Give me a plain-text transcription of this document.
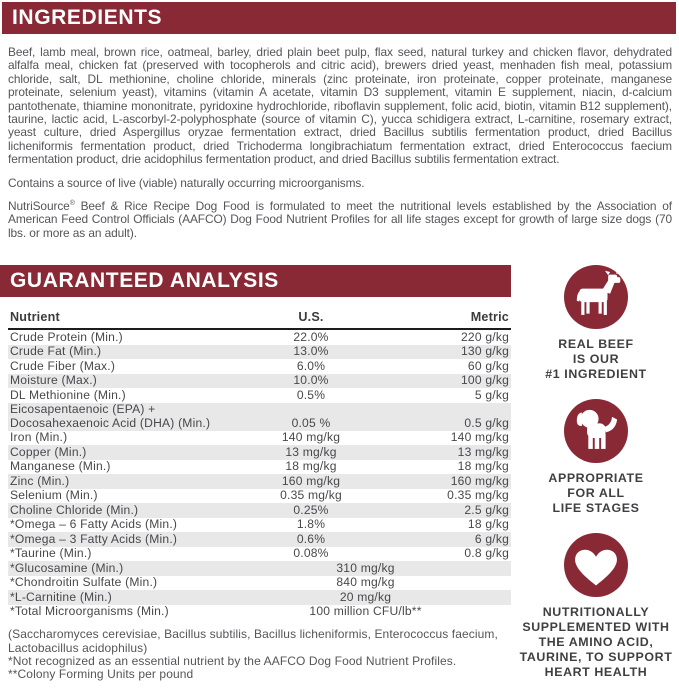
INGREDIENTS

Beef, lamb meal, brown rice, oatmeal, barley, dried plain beet pulp, flax seed, natural turkey and chicken flavor, dehydrated alfalfa meal, chicken fat (preserved with tocopherols and citric acid), brewers dried yeast, menhaden fish meal, potassium chloride, salt, DL methionine, choline chloride, minerals (zinc proteinate, iron proteinate, copper proteinate, manganese proteinate, selenium yeast), vitamins (vitamin A acetate, vitamin D3 supplement, vitamin E supplement, niacin, d-calcium pantothenate, thiamine mononitrate, pyridoxine hydrochloride, riboflavin supplement, folic acid, biotin, vitamin B12 supplement), taurine, lactic acid, L-ascorbyl-2-polyphosphate (source of vitamin C), yucca schidigera extract, L-carnitine, rosemary extract, yeast culture, dried Aspergillus oryzae fermentation extract, dried Bacillus subtilis fermentation product, dried Bacillus licheniformis fermentation product, dried Trichoderma longibrachiatum fermentation extract, dried Enterococcus faecium fermentation product, drie acidophilus fermentation product, and dried Bacillus subtilis fermentation extract.

Contains a source of live (viable) naturally occurring microorganisms.

NutriSource® Beef & Rice Recipe Dog Food is formulated to meet the nutritional levels established by the Association of American Feed Control Officials (AAFCO) Dog Food Nutrient Profiles for all life stages except for growth of large size dogs (70 lbs. or more as an adult).

GUARANTEED ANALYSIS
Nutrient	U.S.	Metric
Crude Protein (Min.)	22.0%	220 g/kg
Crude Fat (Min.)	13.0%	130 g/kg
Crude Fiber (Max.)	6.0%	60 g/kg
Moisture (Max.)	10.0%	100 g/kg
DL Methionine (Min.)	0.5%	5 g/kg
Eicosapentaenoic (EPA) + Docosahexaenoic Acid (DHA) (Min.)	0.05 %	0.5 g/kg
Iron (Min.)	140 mg/kg	140 mg/kg
Copper (Min.)	13 mg/kg	13 mg/kg
Manganese (Min.)	18 mg/kg	18 mg/kg
Zinc (Min.)	160 mg/kg	160 mg/kg
Selenium (Min.)	0.35 mg/kg	0.35 mg/kg
Choline Chloride (Min.)	0.25%	2.5 g/kg
*Omega – 6 Fatty Acids (Min.)	1.8%	18 g/kg
*Omega – 3 Fatty Acids (Min.)	0.6%	6 g/kg
*Taurine (Min.)	0.08%	0.8 g/kg
*Glucosamine (Min.)	310 mg/kg	
*Chondroitin Sulfate (Min.)	840 mg/kg	
*L-Carnitine (Min.)	20 mg/kg	
*Total Microorganisms (Min.)	100 million CFU/lb**	
(Saccharomyces cerevisiae, Bacillus subtilis, Bacillus licheniformis, Enterococcus faecium, Lactobacillus acidophilus)
*Not recognized as an essential nutrient by the AAFCO Dog Food Nutrient Profiles.
**Colony Forming Units per pound
REAL BEEF
IS OUR
#1 INGREDIENT
APPROPRIATE
FOR ALL
LIFE STAGES
NUTRITIONALLY
SUPPLEMENTED WITH
THE AMINO ACID,
TAURINE, TO SUPPORT
HEART HEALTH
